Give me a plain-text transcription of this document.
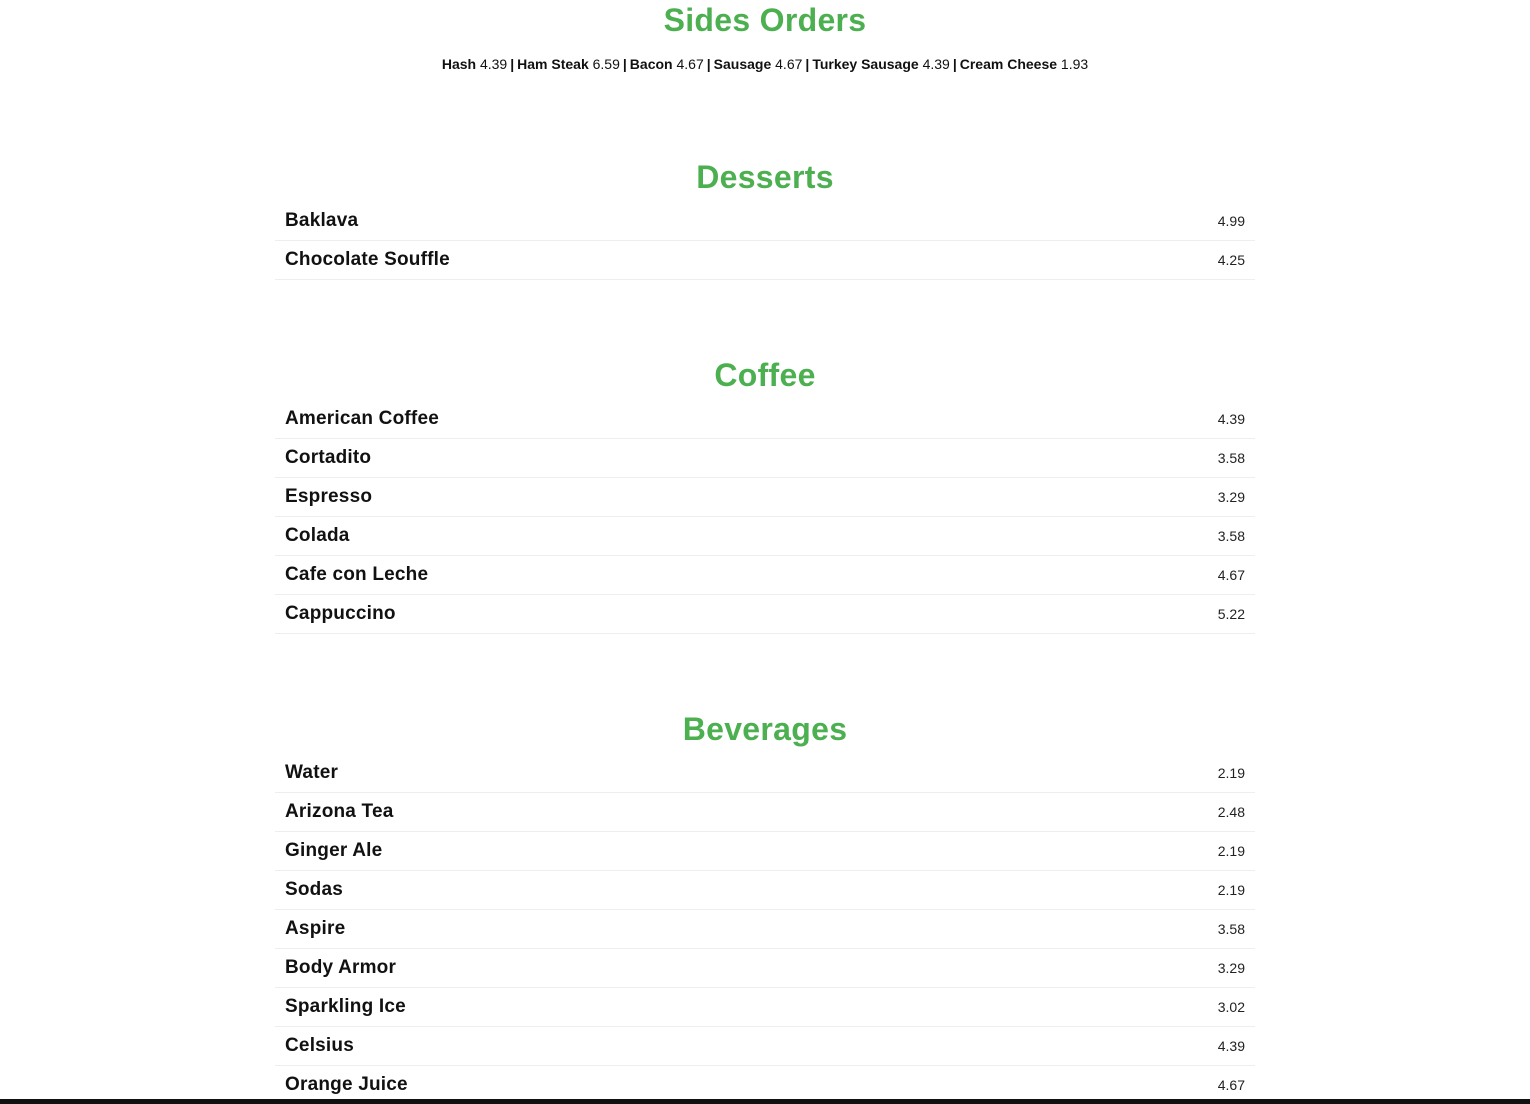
Sides Orders
Hash 4.39 | Ham Steak 6.59 | Bacon 4.67 | Sausage 4.67 | Turkey Sausage 4.39 | Cream Cheese 1.93
Desserts
Baklava	4.99
Chocolate Souffle	4.25
Coffee
American Coffee	4.39
Cortadito	3.58
Espresso	3.29
Colada	3.58
Cafe con Leche	4.67
Cappuccino	5.22
Beverages
Water	2.19
Arizona Tea	2.48
Ginger Ale	2.19
Sodas	2.19
Aspire	3.58
Body Armor	3.29
Sparkling Ice	3.02
Celsius	4.39
Orange Juice	4.67
